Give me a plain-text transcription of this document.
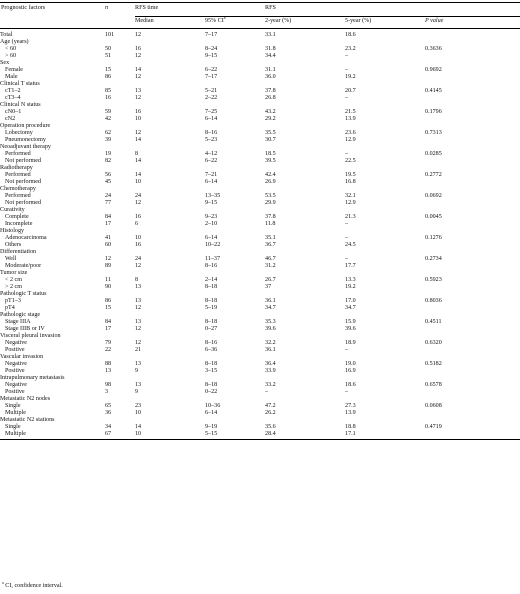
Prognostic factors	n	RFS time		RFS		
		Median	95% $CI^a$	2-year (%)	5-year (%)	P value
Total	101	12	7–17	33.1	18.6	
Age (years)						
< 60	50	16	8–24	31.8	23.2	0.3636
> 60	51	12	9–15	34.4	–	
Sex						
Female	15	14	6–22	31.1	–	0.9692
Male	86	12	7–17	36.0	19.2	
Clinical T status						
cT1–2	85	13	5–21	37.8	20.7	0.4145
cT3–4	16	12	2–22	26.8	–	
Clinical N status						
cN0–1	59	16	7–25	43.2	21.5	0.1796
cN2	42	10	6–14	29.2	13.9	
Operation procedure						
Lobectomy	62	12	8–16	35.5	23.6	0.7313
Pneumonectomy	39	14	5–23	30.7	12.9	
Neoadjuvant therapy						
Performed	19	8	4–12	18.5	–	0.0285
Not performed	82	14	6–22	39.5	22.5	
Radiotherapy						
Performed	56	14	7–21	42.4	19.5	0.2772
Not performed	45	10	6–14	26.9	16.8	
Chemotherapy						
Performed	24	24	13–35	53.5	32.1	0.0692
Not performed	77	12	9–15	29.9	12.9	
Curativity						
Complete	84	16	9–23	37.8	21.3	0.0045
Incomplete	17	6	2–10	11.8	–	
Histology						
Adenocarcinoma	41	10	6–14	35.1	–	0.1276
Others	60	16	10–22	36.7	24.5	
Differentiation						
Well	12	24	11–37	46.7	–	0.2734
Moderate/poor	89	12	8–16	31.2	17.7	
Tumor size						
< 2 cm	11	8	2–14	26.7	13.3	0.5923
> 2 cm	90	13	8–18	37	19.2	
Pathologic T status						
pT1–3	86	13	8–18	36.1	17.0	0.8036
pT4	15	12	5–19	34.7	34.7	
Pathologic stage						
Stage IIIA	84	13	8–18	35.3	15.9	0.4511
Stage IIIB or IV	17	12	0–27	39.6	39.6	
Visceral pleural invasion						
Negative	79	12	8–16	32.2	18.9	0.6320
Positive	22	21	6–36	36.1	–	
Vascular invasion						
Negative	88	13	8–18	36.4	19.0	0.5182
Positive	13	9	3–15	33.9	16.9	
Intrapulmonary metastasis						
Negative	98	13	8–18	33.2	18.6	0.6578
Positive	3	9	0–22	–	–	
Metastatic N2 nodes						
Single	65	23	10–36	47.2	27.3	0.0608
Multiple	36	10	6–14	26.2	13.9	
Metastatic N2 stations						
Single	34	14	9–19	35.6	18.8	0.4719
Multiple	67	10	5–15	28.4	17.1	
$^a$ CI, confidence interval.
